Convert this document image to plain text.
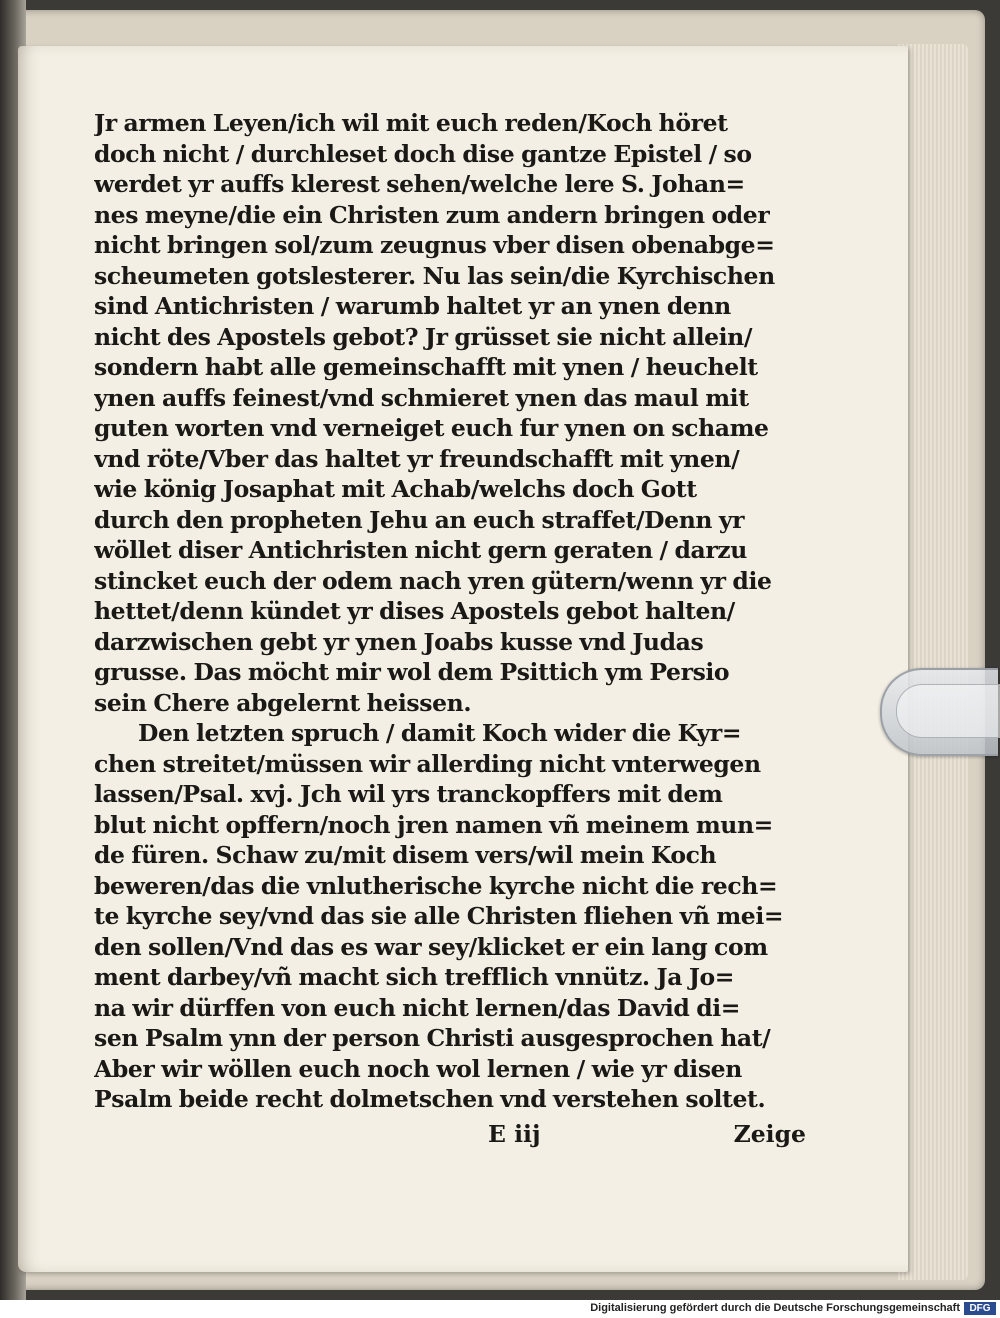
Jr armen Leyen/ich wil mit euch reden/Koch höret
doch nicht / durchleset doch dise gantze Epistel / so
werdet yr auffs klerest sehen/welche lere S. Johan=
nes meyne/die ein Christen zum andern bringen oder
nicht bringen sol/zum zeugnus vber disen obenabge=
scheumeten gotslesterer. Nu las sein/die Kyrchischen
sind Antichristen / warumb haltet yr an ynen denn
nicht des Apostels gebot? Jr grüsset sie nicht allein/
sondern habt alle gemeinschafft mit ynen / heuchelt
ynen auffs feinest/vnd schmieret ynen das maul mit
guten worten vnd verneiget euch fur ynen on schame
vnd röte/Vber das haltet yr freundschafft mit ynen/
wie könig Josaphat mit Achab/welchs doch Gott
durch den propheten Jehu an euch straffet/Denn yr
wöllet diser Antichristen nicht gern geraten / darzu
stincket euch der odem nach yren gütern/wenn yr die
hettet/denn kündet yr dises Apostels gebot halten/
darzwischen gebt yr ynen Joabs kusse vnd Judas
grusse. Das möcht mir wol dem Psittich ym Persio
sein Chere abgelernt heissen.
Den letzten spruch / damit Koch wider die Kyr=
chen streitet/müssen wir allerding nicht vnterwegen
lassen/Psal. xvj. Jch wil yrs tranckopffers mit dem
blut nicht opffern/noch jren namen vñ meinem mun=
de füren. Schaw zu/mit disem vers/wil mein Koch
beweren/das die vnlutherische kyrche nicht die rech=
te kyrche sey/vnd das sie alle Christen fliehen vñ mei=
den sollen/Vnd das es war sey/klicket er ein lang com
ment darbey/vñ macht sich trefflich vnnütz. Ja Jo=
na wir dürffen von euch nicht lernen/das David di=
sen Psalm ynn der person Christi ausgesprochen hat/
Aber wir wöllen euch noch wol lernen / wie yr disen
Psalm beide recht dolmetschen vnd verstehen soltet.
E iij	Zeige
Digitalisierung gefördert durch die Deutsche Forschungsgemeinschaft DFG
